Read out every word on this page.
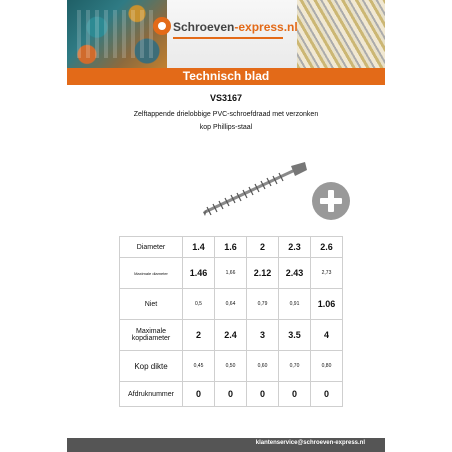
Schroeven-express.nl
Technisch blad
VS3167
Zelftappende drielobbige PVC-schroefdraad met verzonken
kop Phillips-staal
Diameter	1.4	1.6	2	2.3	2.6
Maximale diameter	1.46	1,66	2.12	2.43	2,73
Niet	0,5	0,64	0,79	0,91	1.06

Maximale
kopdiameter	2	2.4	3	3.5	4
Kop dikte	0,45	0,50	0,60	0,70	0,80
Afdruknummer	0	0	0	0	0
klantenservice@schroeven-express.nl
